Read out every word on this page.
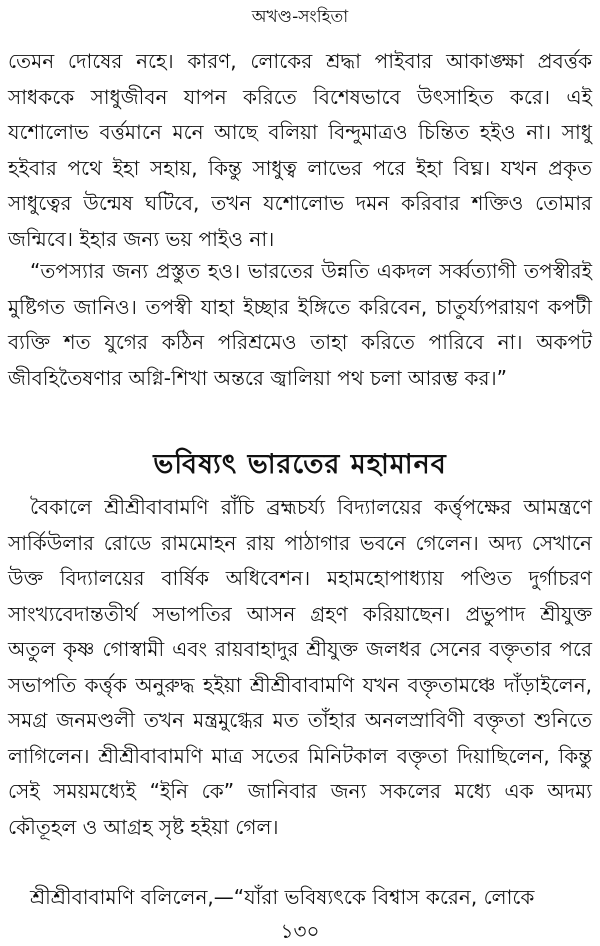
অখণ্ড-সংহিতা

তেমন দোষের নহে। কারণ, লোকের শ্রদ্ধা পাইবার আকাঙ্ক্ষা প্রবর্ত্তক সাধককে সাধুজীবন যাপন করিতে বিশেষভাবে উৎসাহিত করে। এই যশোলোভ বর্ত্তমানে মনে আছে বলিয়া বিন্দুমাত্রও চিন্তিত হইও না। সাধু হইবার পথে ইহা সহায়, কিন্তু সাধুত্ব লাভের পরে ইহা বিঘ্ন। যখন প্রকৃত সাধুত্বের উন্মেষ ঘটিবে, তখন যশোলোভ দমন করিবার শক্তিও তোমার জন্মিবে। ইহার জন্য ভয় পাইও না।

“তপস্যার জন্য প্রস্তুত হও। ভারতের উন্নতি একদল সর্ব্বত্যাগী তপস্বীরই মুষ্টিগত জানিও। তপস্বী যাহা ইচ্ছার ইঙ্গিতে করিবেন, চাতুর্য্যপরায়ণ কপটী ব্যক্তি শত যুগের কঠিন পরিশ্রমেও তাহা করিতে পারিবে না। অকপট জীবহিতৈষণার অগ্নি-শিখা অন্তরে জ্বালিয়া পথ চলা আরম্ভ কর।”

ভবিষ্যৎ ভারতের মহামানব

বৈকালে শ্রীশ্রীবাবামণি রাঁচি ব্রহ্মচর্য্য বিদ্যালয়ের কর্ত্তৃপক্ষের আমন্ত্রণে সার্কিউলার রোডে রামমোহন রায় পাঠাগার ভবনে গেলেন। অদ্য সেখানে উক্ত বিদ্যালয়ের বার্ষিক অধিবেশন। মহামহোপাধ্যায় পণ্ডিত দুর্গাচরণ সাংখ্যবেদান্ততীর্থ সভাপতির আসন গ্রহণ করিয়াছেন। প্রভুপাদ শ্রীযুক্ত অতুল কৃষ্ণ গোস্বামী এবং রায়বাহাদুর শ্রীযুক্ত জলধর সেনের বক্তৃতার পরে সভাপতি কর্ত্তৃক অনুরুদ্ধ হইয়া শ্রীশ্রীবাবামণি যখন বক্তৃতামঞ্চে দাঁড়াইলেন, সমগ্র জনমণ্ডলী তখন মন্ত্রমুগ্ধের মত তাঁহার অনলস্রাবিণী বক্তৃতা শুনিতে লাগিলেন। শ্রীশ্রীবাবামণি মাত্র সতের মিনিটকাল বক্তৃতা দিয়াছিলেন, কিন্তু সেই সময়মধ্যেই “ইনি কে” জানিবার জন্য সকলের মধ্যে এক অদম্য কৌতূহল ও আগ্রহ সৃষ্ট হইয়া গেল।

শ্রীশ্রীবাবামণি বলিলেন,—“যাঁরা ভবিষ্যৎকে বিশ্বাস করেন, লোকে

১৩০
